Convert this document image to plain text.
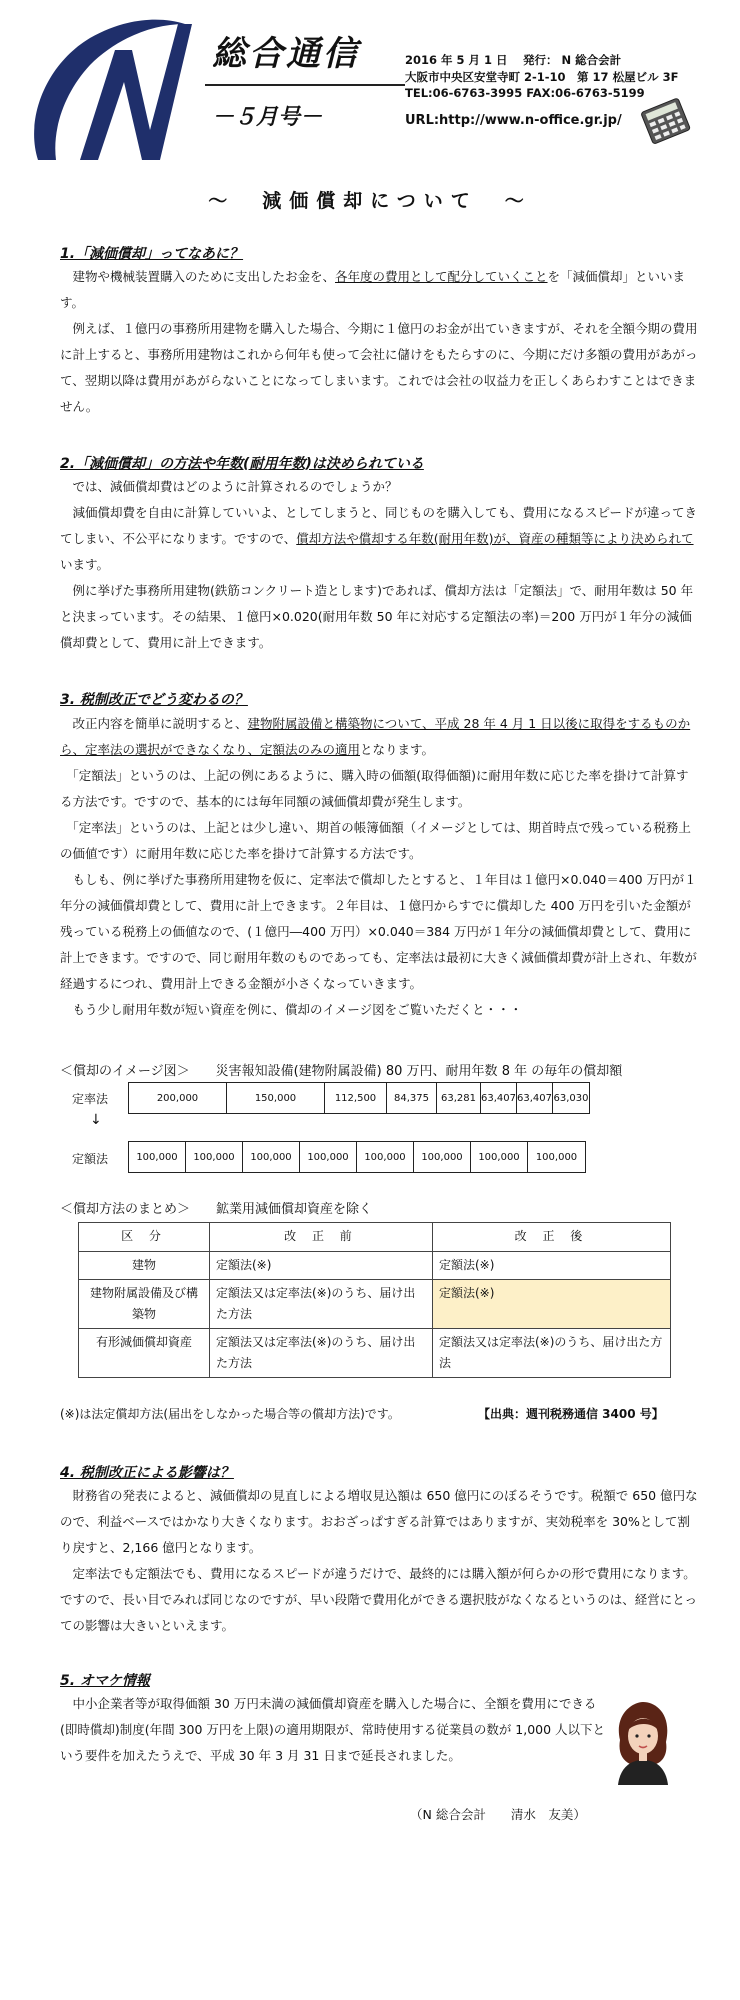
N
総合通信
－５月号－
2016 年 5 月 1 日　 発行： N 総合会計
大阪市中央区安堂寺町 2-1-10　第 17 松屋ビル 3F
TEL:06-6763-3995 FAX:06-6763-5199
URL:http://www.n-office.gr.jp/
～　減価償却について　～
1.「減価償却」ってなあに？

　建物や機械装置購入のために支出したお金を、各年度の費用として配分していくことを「減価償却」といいます。

　例えば、１億円の事務所用建物を購入した場合、今期に１億円のお金が出ていきますが、それを全額今期の費用に計上すると、事務所用建物はこれから何年も使って会社に儲けをもたらすのに、今期にだけ多額の費用があがって、翌期以降は費用があがらないことになってしまいます。これでは会社の収益力を正しくあらわすことはできません。

2.「減価償却」の方法や年数(耐用年数)は決められている

　では、減価償却費はどのように計算されるのでしょうか？

　減価償却費を自由に計算していいよ、としてしまうと、同じものを購入しても、費用になるスピードが違ってきてしまい、不公平になります。ですので、償却方法や償却する年数(耐用年数)が、資産の種類等により決められています。

　例に挙げた事務所用建物(鉄筋コンクリート造とします)であれば、償却方法は「定額法」で、耐用年数は 50 年と決まっています。その結果、１億円×0.020(耐用年数 50 年に対応する定額法の率)＝200 万円が１年分の減価償却費として、費用に計上できます。

3. 税制改正でどう変わるの？

　改正内容を簡単に説明すると、建物附属設備と構築物について、平成 28 年 4 月 1 日以後に取得をするものから、定率法の選択ができなくなり、定額法のみの適用となります。

　「定額法」というのは、上記の例にあるように、購入時の価額(取得価額)に耐用年数に応じた率を掛けて計算する方法です。ですので、基本的には毎年同額の減価償却費が発生します。

　「定率法」というのは、上記とは少し違い、期首の帳簿価額（イメージとしては、期首時点で残っている税務上の価値です）に耐用年数に応じた率を掛けて計算する方法です。

　もしも、例に挙げた事務所用建物を仮に、定率法で償却したとすると、１年目は１億円×0.040＝400 万円が１年分の減価償却費として、費用に計上できます。２年目は、１億円からすでに償却した 400 万円を引いた金額が残っている税務上の価値なので、(１億円―400 万円）×0.040＝384 万円が１年分の減価償却費として、費用に計上できます。ですので、同じ耐用年数のものであっても、定率法は最初に大きく減価償却費が計上され、年数が経過するにつれ、費用計上できる金額が小さくなっていきます。

　もう少し耐用年数が短い資産を例に、償却のイメージ図をご覧いただくと・・・

＜償却のイメージ図＞　　災害報知設備(建物附属設備) 80 万円、耐用年数 8 年 の毎年の償却額
定率法	200,000	150,000	112,500	84,375	63,281 63,407 63,407 63,030
↓
定額法	100,000	100,000	100,000	100,000	100,000	100,000	100,000	100,000
＜償却方法のまとめ＞　　鉱業用減価償却資産を除く
区 分	改 正 前	改 正 後
建物	定額法(※)	定額法(※)
建物附属設備及び構築物	定額法又は定率法(※)のうち、届け出た方法	定額法(※)
有形減価償却資産	定額法又は定率法(※)のうち、届け出た方法	定額法又は定率法(※)のうち、届け出た方法
(※)は法定償却方法(届出をしなかった場合等の償却方法)です。	【出典：週刊税務通信 3400 号】
4. 税制改正による影響は？

　財務省の発表によると、減価償却の見直しによる増収見込額は 650 億円にのぼるそうです。税額で 650 億円なので、利益ベースではかなり大きくなります。おおざっぱすぎる計算ではありますが、実効税率を 30%として割り戻すと、2,166 億円となります。

　定率法でも定額法でも、費用になるスピードが違うだけで、最終的には購入額が何らかの形で費用になります。ですので、長い目でみれば同じなのですが、早い段階で費用化ができる選択肢がなくなるというのは、経営にとっての影響は大きいといえます。

5. オマケ情報

　中小企業者等が取得価額 30 万円未満の減価償却資産を購入した場合に、全額を費用にできる(即時償却)制度(年間 300 万円を上限)の適用期限が、常時使用する従業員の数が 1,000 人以下という要件を加えたうえで、平成 30 年 3 月 31 日まで延長されました。

（N 総合会計　　清水　友美）
